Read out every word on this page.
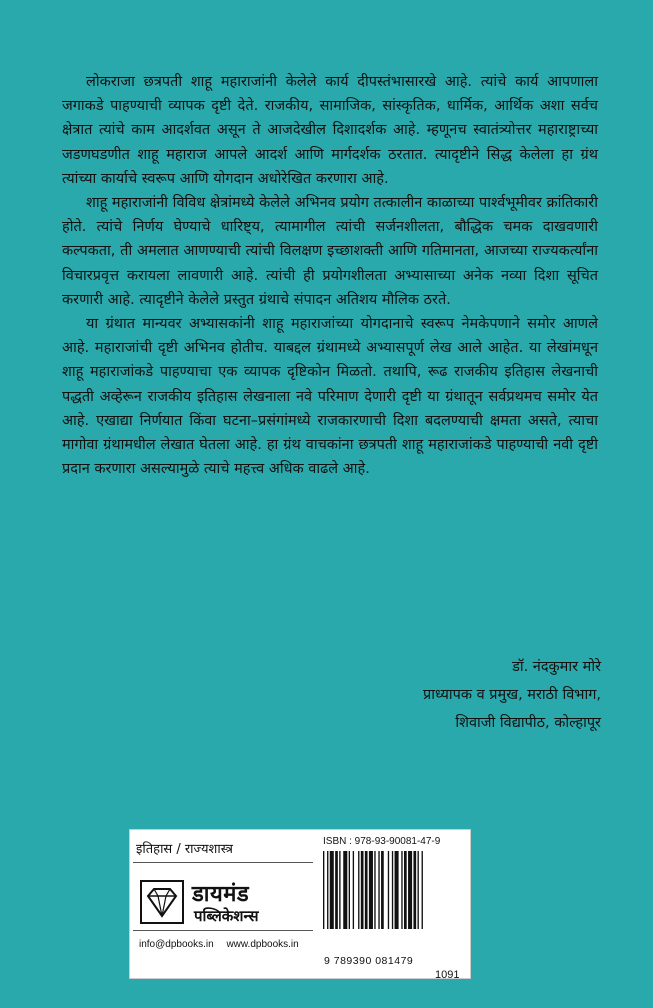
लोकराजा छत्रपती शाहू महाराजांनी केलेले कार्य दीपस्तंभासारखे आहे. त्यांचे कार्य आपणाला जगाकडे पाहण्याची व्यापक दृष्टी देते. राजकीय, सामाजिक, सांस्कृतिक, धार्मिक, आर्थिक अशा सर्वच क्षेत्रात त्यांचे काम आदर्शवत असून ते आजदेखील दिशादर्शक आहे. म्हणूनच स्वातंत्र्योत्तर महाराष्ट्राच्या जडणघडणीत शाहू महाराज आपले आदर्श आणि मार्गदर्शक ठरतात. त्यादृष्टीने सिद्ध केलेला हा ग्रंथ त्यांच्या कार्याचे स्वरूप आणि योगदान अधोरेखित करणारा आहे.

शाहू महाराजांनी विविध क्षेत्रांमध्ये केलेले अभिनव प्रयोग तत्कालीन काळाच्या पार्श्वभूमीवर क्रांतिकारी होते. त्यांचे निर्णय घेण्याचे धारिष्ट्य, त्यामागील त्यांची सर्जनशीलता, बौद्धिक चमक दाखवणारी कल्पकता, ती अमलात आणण्याची त्यांची विलक्षण इच्छाशक्ती आणि गतिमानता, आजच्या राज्यकर्त्यांना विचारप्रवृत्त करायला लावणारी आहे. त्यांची ही प्रयोगशीलता अभ्यासाच्या अनेक नव्या दिशा सूचित करणारी आहे. त्यादृष्टीने केलेले प्रस्तुत ग्रंथाचे संपादन अतिशय मौलिक ठरते.

या ग्रंथात मान्यवर अभ्यासकांनी शाहू महाराजांच्या योगदानाचे स्वरूप नेमकेपणाने समोर आणले आहे. महाराजांची दृष्टी अभिनव होतीच. याबद्दल ग्रंथामध्ये अभ्यासपूर्ण लेख आले आहेत. या लेखांमधून शाहू महाराजांकडे पाहण्याचा एक व्यापक दृष्टिकोन मिळतो. तथापि, रूढ राजकीय इतिहास लेखनाची पद्धती अव्हेरून राजकीय इतिहास लेखनाला नवे परिमाण देणारी दृष्टी या ग्रंथातून सर्वप्रथमच समोर येत आहे. एखाद्या निर्णयात किंवा घटना–प्रसंगांमध्ये राजकारणाची दिशा बदलण्याची क्षमता असते, त्याचा मागोवा ग्रंथामधील लेखात घेतला आहे. हा ग्रंथ वाचकांना छत्रपती शाहू महाराजांकडे पाहण्याची नवी दृष्टी प्रदान करणारा असल्यामुळे त्याचे महत्त्व अधिक वाढले आहे.

डॉ. नंदकुमार मोरे
प्राध्यापक व प्रमुख, मराठी विभाग,
शिवाजी विद्यापीठ, कोल्हापूर
इतिहास / राज्यशास्त्र
डायमंड
पब्लिकेशन्स
info@dpbooks.in www.dpbooks.in
ISBN : 978-93-90081-47-9
9 789390 081479
1091
